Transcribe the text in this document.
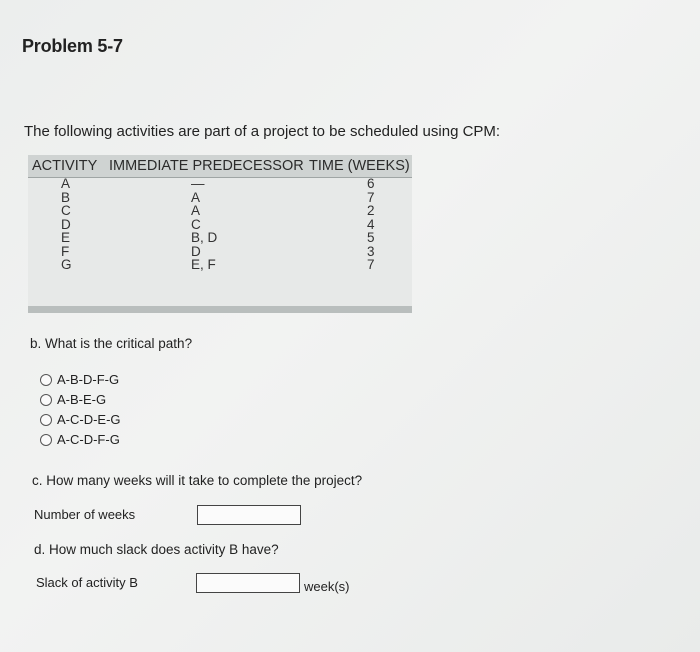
Problem 5-7
The following activities are part of a project to be scheduled using CPM:
ACTIVITY IMMEDIATE PREDECESSOR TIME (WEEKS)
A
B
C
D
E
F
G
—
A
A
C
B, D
D
E, F
6
7
2
4
5
3
7
b. What is the critical path?
A-B-D-F-G
A-B-E-G
A-C-D-E-G
A-C-D-F-G
c. How many weeks will it take to complete the project?
Number of weeks
d. How much slack does activity B have?
Slack of activity B	week(s)
